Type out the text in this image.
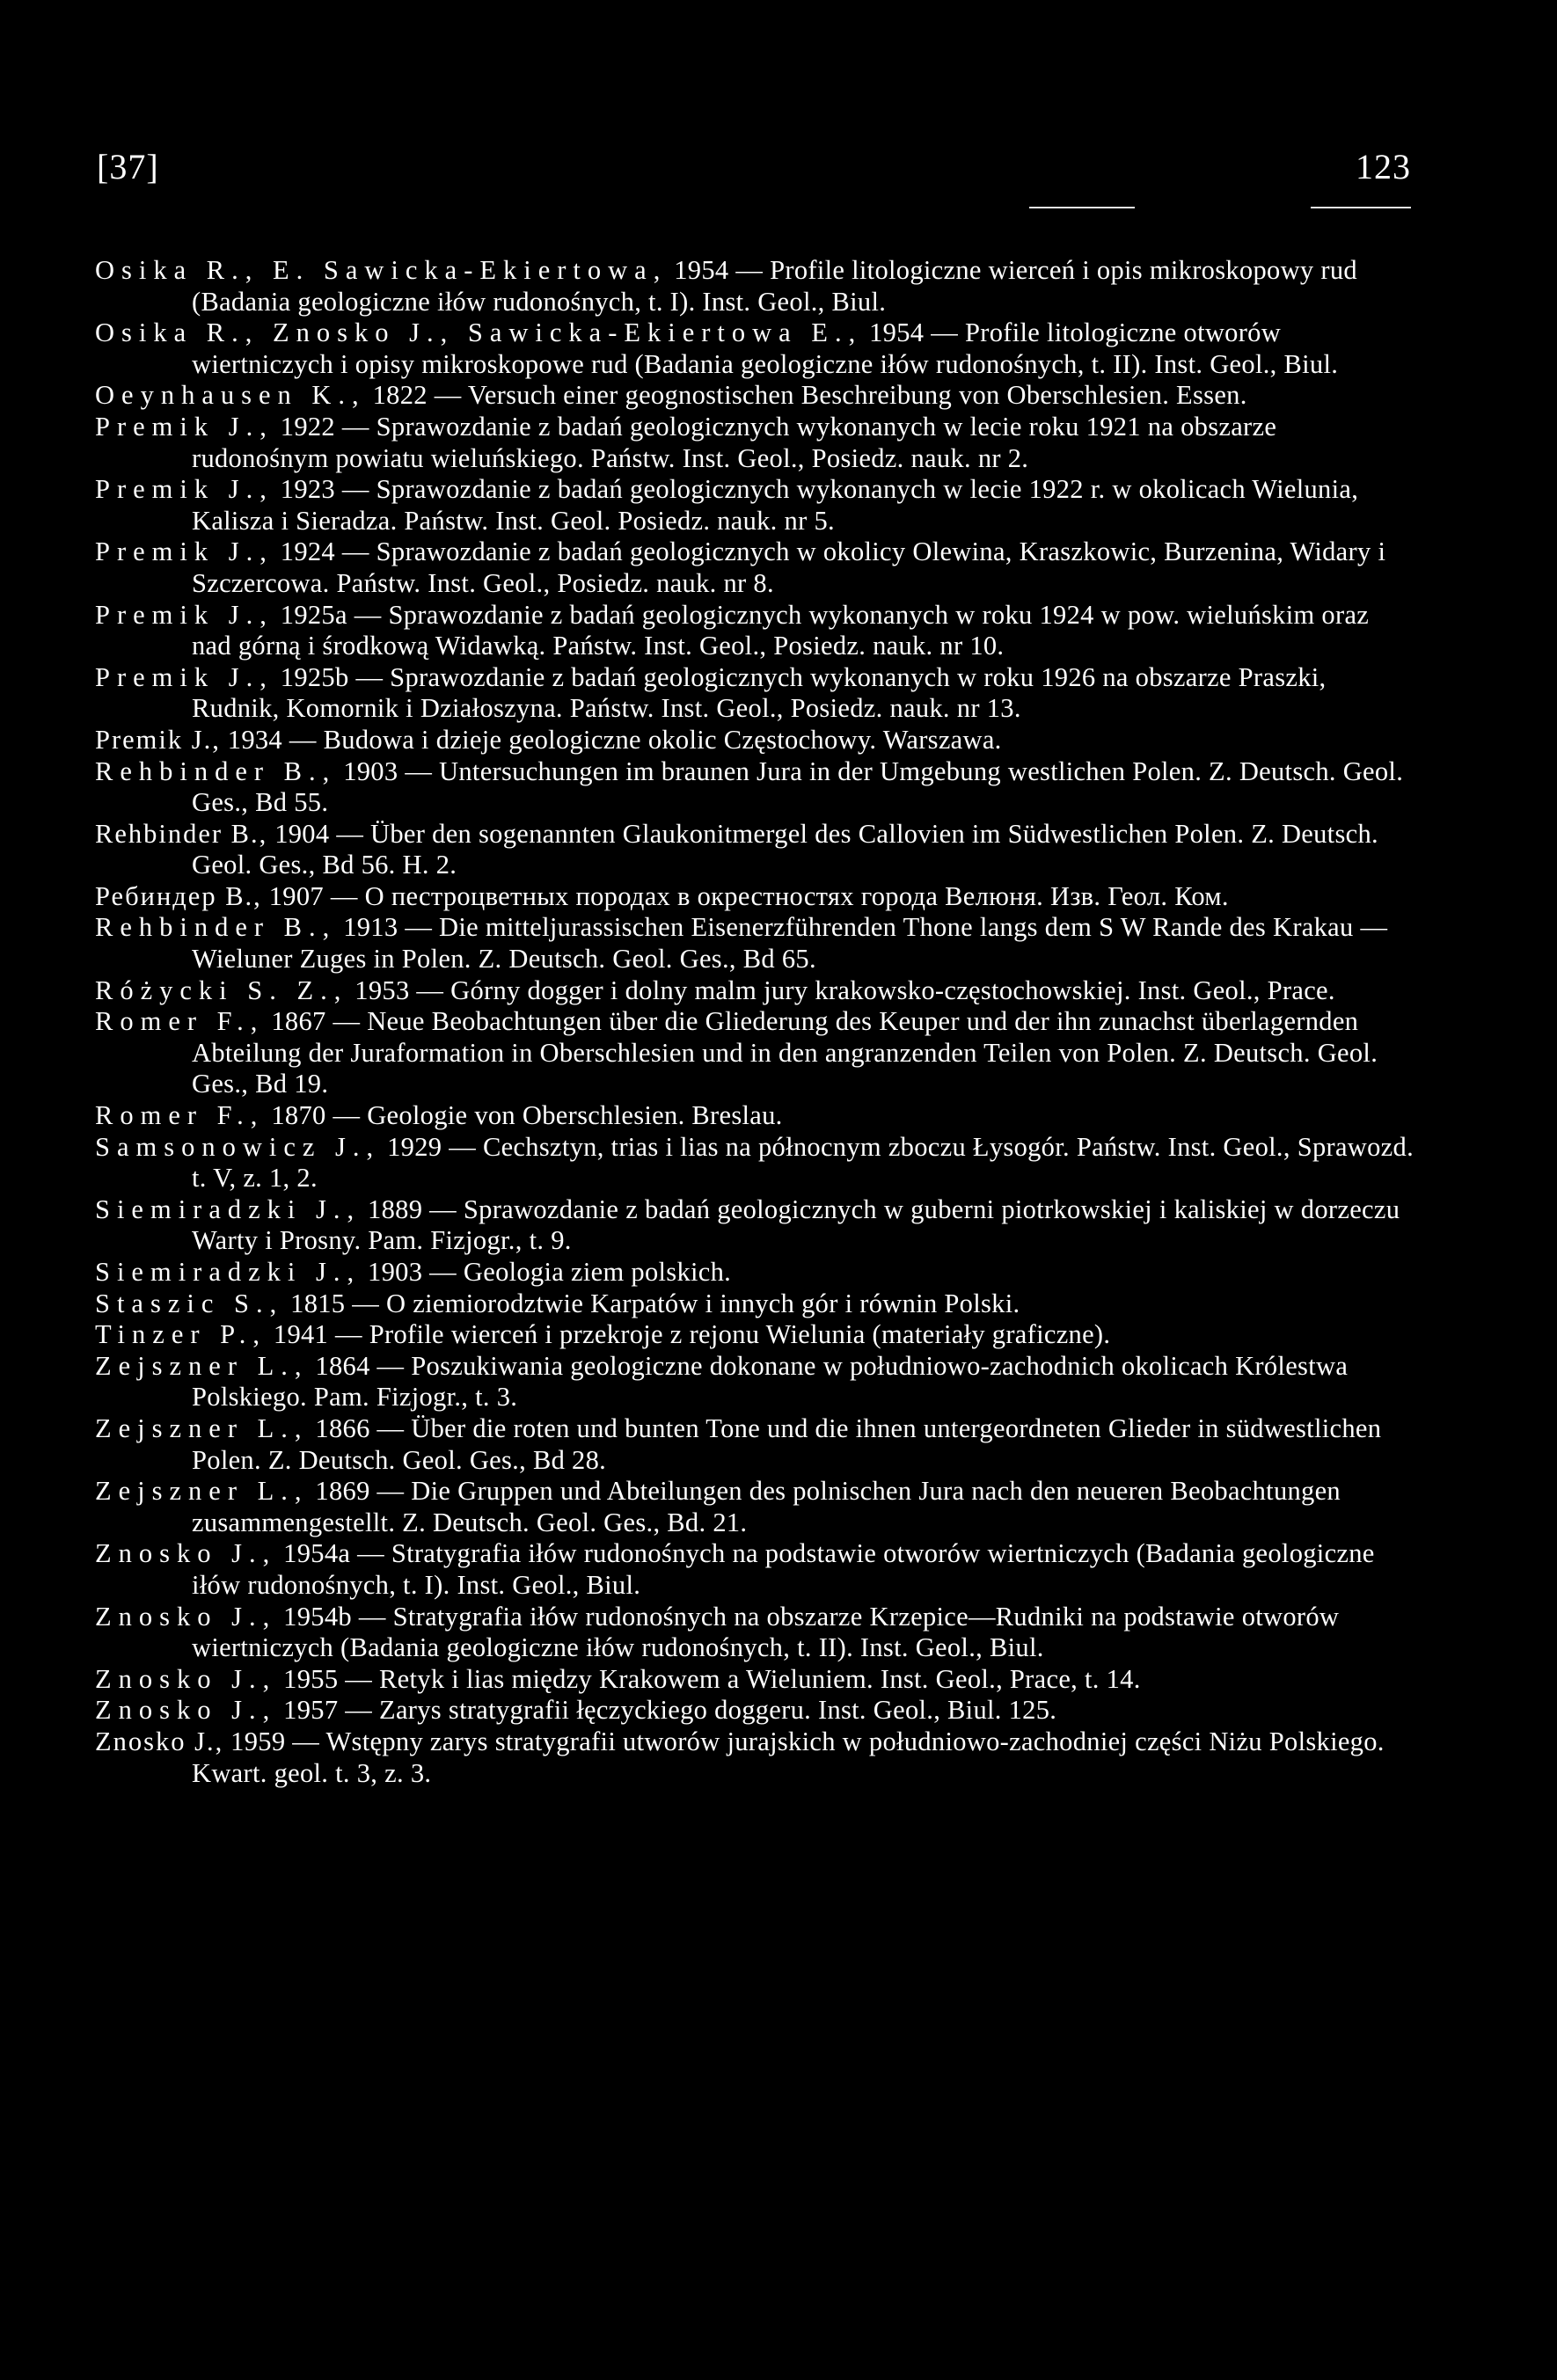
[37]	123

Osika R., E. Sawicka-Ekiertowa, 1954 — Profile litologiczne wierceń i opis mikroskopowy rud (Badania geologiczne iłów rudonośnych, t. I). Inst. Geol., Biul.

Osika R., Znosko J., Sawicka-Ekiertowa E., 1954 — Profile litologiczne otworów wiertniczych i opisy mikroskopowe rud (Badania geologiczne iłów rudonośnych, t. II). Inst. Geol., Biul.

Oeynhausen K., 1822 — Versuch einer geognostischen Beschreibung von Oberschlesien. Essen.

Premik J., 1922 — Sprawozdanie z badań geologicznych wykonanych w lecie roku 1921 na obszarze rudonośnym powiatu wieluńskiego. Państw. Inst. Geol., Posiedz. nauk. nr 2.

Premik J., 1923 — Sprawozdanie z badań geologicznych wykonanych w lecie 1922 r. w okolicach Wielunia, Kalisza i Sieradza. Państw. Inst. Geol. Posiedz. nauk. nr 5.

Premik J., 1924 — Sprawozdanie z badań geologicznych w okolicy Olewina, Kraszkowic, Burzenina, Widary i Szczercowa. Państw. Inst. Geol., Posiedz. nauk. nr 8.

Premik J., 1925a — Sprawozdanie z badań geologicznych wykonanych w roku 1924 w pow. wieluńskim oraz nad górną i środkową Widawką. Państw. Inst. Geol., Posiedz. nauk. nr 10.

Premik J., 1925b — Sprawozdanie z badań geologicznych wykonanych w roku 1926 na obszarze Praszki, Rudnik, Komornik i Działoszyna. Państw. Inst. Geol., Posiedz. nauk. nr 13.

Premik J., 1934 — Budowa i dzieje geologiczne okolic Częstochowy. Warszawa.

Rehbinder B., 1903 — Untersuchungen im braunen Jura in der Umgebung westlichen Polen. Z. Deutsch. Geol. Ges., Bd 55.

Rehbinder B., 1904 — Über den sogenannten Glaukonitmergel des Callovien im Südwestlichen Polen. Z. Deutsch. Geol. Ges., Bd 56. H. 2.

Ребиндер B., 1907 — О пестроцветных породах в окрестностях города Велюня. Изв. Геол. Ком.

Rehbinder B., 1913 — Die mitteljurassischen Eisenerzführenden Thone langs dem S W Rande des Krakau — Wieluner Zuges in Polen. Z. Deutsch. Geol. Ges., Bd 65.

Różycki S. Z., 1953 — Górny dogger i dolny malm jury krakowsko-częstochowskiej. Inst. Geol., Prace.

Romer F., 1867 — Neue Beobachtungen über die Gliederung des Keuper und der ihn zunachst überlagernden Abteilung der Juraformation in Oberschlesien und in den angranzenden Teilen von Polen. Z. Deutsch. Geol. Ges., Bd 19.

Romer F., 1870 — Geologie von Oberschlesien. Breslau.

Samsonowicz J., 1929 — Cechsztyn, trias i lias na północnym zboczu Łysogór. Państw. Inst. Geol., Sprawozd. t. V, z. 1, 2.

Siemiradzki J., 1889 — Sprawozdanie z badań geologicznych w guberni piotrkowskiej i kaliskiej w dorzeczu Warty i Prosny. Pam. Fizjogr., t. 9.

Siemiradzki J., 1903 — Geologia ziem polskich.

Staszic S., 1815 — O ziemiorodztwie Karpatów i innych gór i równin Polski.

Tinzer P., 1941 — Profile wierceń i przekroje z rejonu Wielunia (materiały graficzne).

Zejszner L., 1864 — Poszukiwania geologiczne dokonane w południowo-zachodnich okolicach Królestwa Polskiego. Pam. Fizjogr., t. 3.

Zejszner L., 1866 — Über die roten und bunten Tone und die ihnen untergeordneten Glieder in südwestlichen Polen. Z. Deutsch. Geol. Ges., Bd 28.

Zejszner L., 1869 — Die Gruppen und Abteilungen des polnischen Jura nach den neueren Beobachtungen zusammengestellt. Z. Deutsch. Geol. Ges., Bd. 21.

Znosko J., 1954a — Stratygrafia iłów rudonośnych na podstawie otworów wiertniczych (Badania geologiczne iłów rudonośnych, t. I). Inst. Geol., Biul.

Znosko J., 1954b — Stratygrafia iłów rudonośnych na obszarze Krzepice—Rudniki na podstawie otworów wiertniczych (Badania geologiczne iłów rudonośnych, t. II). Inst. Geol., Biul.

Znosko J., 1955 — Retyk i lias między Krakowem a Wieluniem. Inst. Geol., Prace, t. 14.

Znosko J., 1957 — Zarys stratygrafii łęczyckiego doggeru. Inst. Geol., Biul. 125.

Znosko J., 1959 — Wstępny zarys stratygrafii utworów jurajskich w południowo-zachodniej części Niżu Polskiego. Kwart. geol. t. 3, z. 3.
